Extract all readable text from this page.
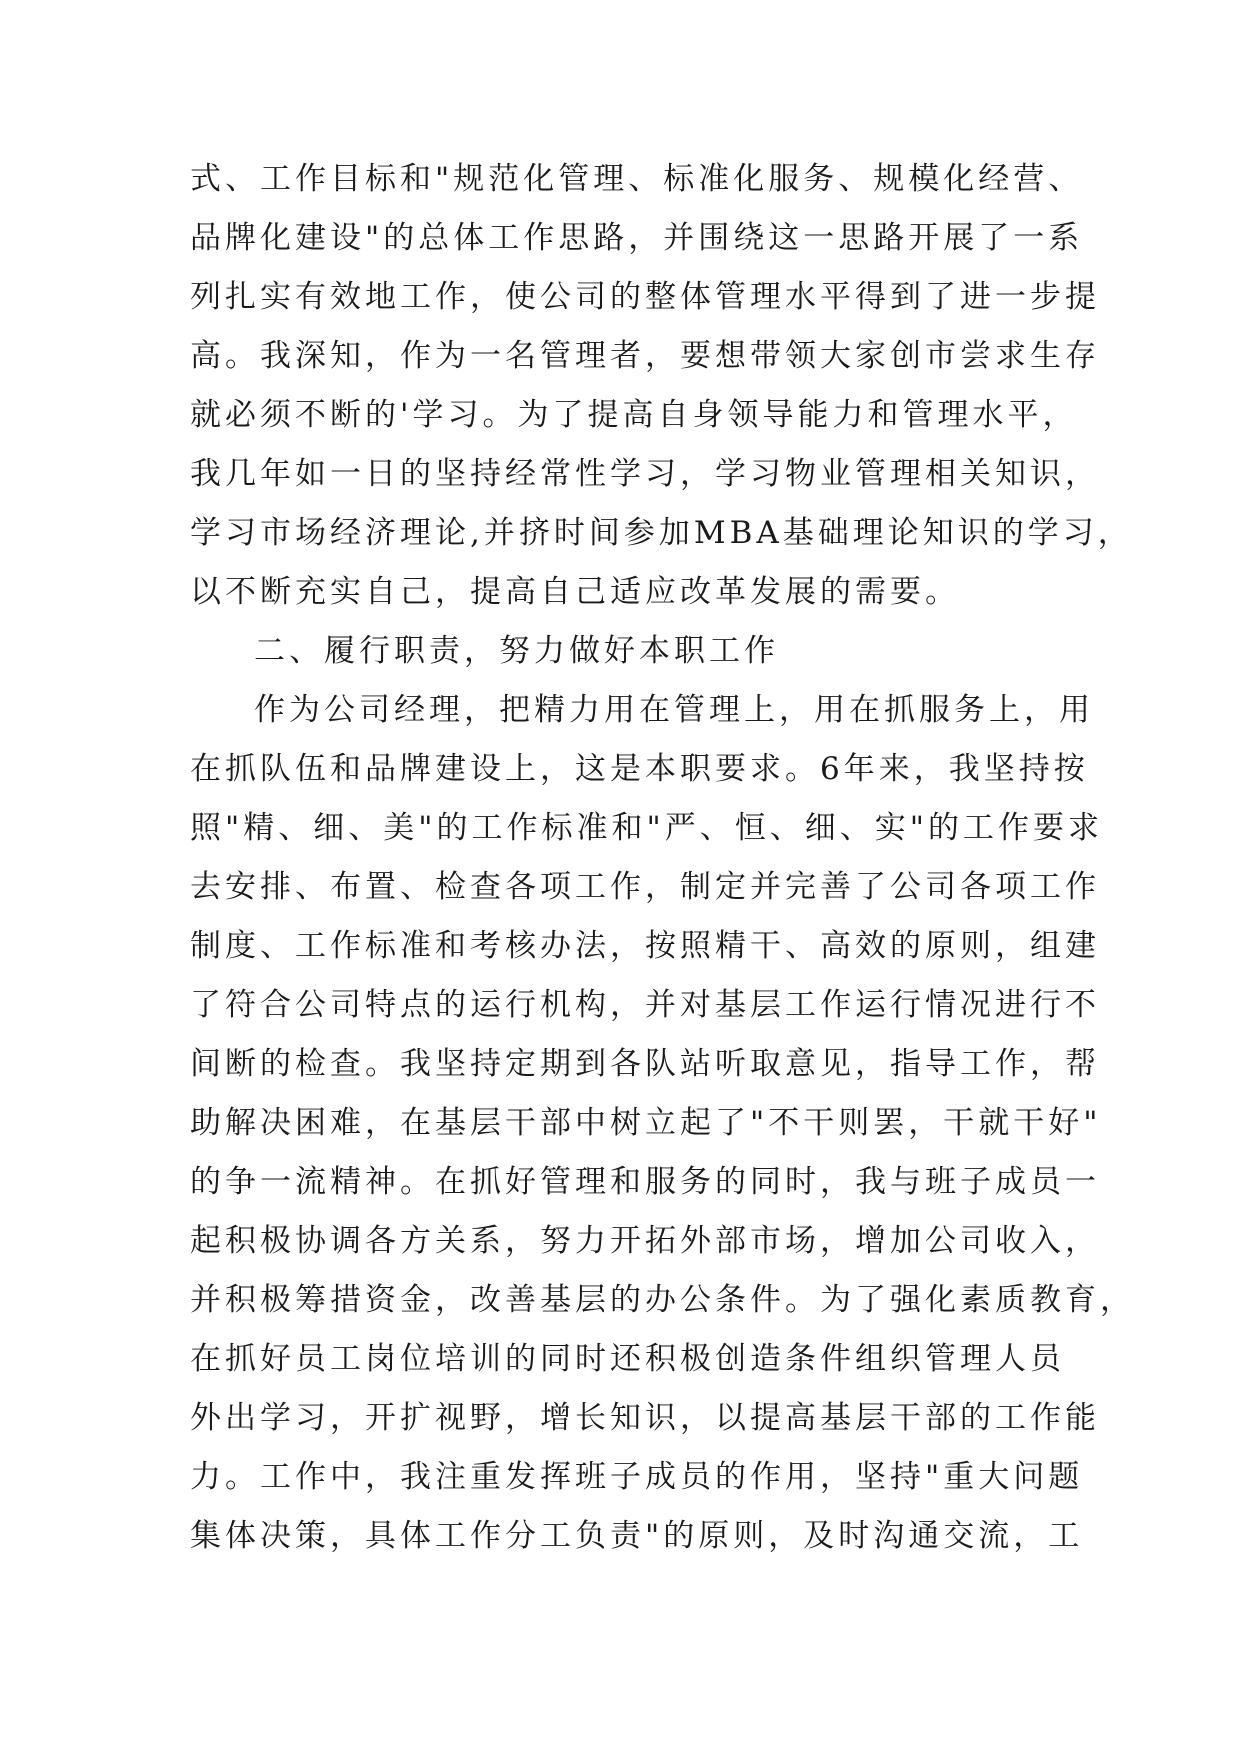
式、工作目标和"规范化管理、标准化服务、规模化经营、
品牌化建设"的总体工作思路，并围绕这一思路开展了一系
列扎实有效地工作，使公司的整体管理水平得到了进一步提
高。我深知，作为一名管理者，要想带领大家创市尝求生存
就必须不断的'学习。为了提高自身领导能力和管理水平，
我几年如一日的坚持经常性学习，学习物业管理相关知识，
学习市场经济理论,并挤时间参加MBA基础理论知识的学习，
以不断充实自己，提高自己适应改革发展的需要。
二、履行职责，努力做好本职工作
作为公司经理，把精力用在管理上，用在抓服务上，用
在抓队伍和品牌建设上，这是本职要求。6年来，我坚持按
照"精、细、美"的工作标准和"严、恒、细、实"的工作要求
去安排、布置、检查各项工作，制定并完善了公司各项工作
制度、工作标准和考核办法，按照精干、高效的原则，组建
了符合公司特点的运行机构，并对基层工作运行情况进行不
间断的检查。我坚持定期到各队站听取意见，指导工作，帮
助解决困难，在基层干部中树立起了"不干则罢，干就干好"
的争一流精神。在抓好管理和服务的同时，我与班子成员一
起积极协调各方关系，努力开拓外部市场，增加公司收入，
并积极筹措资金，改善基层的办公条件。为了强化素质教育，
在抓好员工岗位培训的同时还积极创造条件组织管理人员
外出学习，开扩视野，增长知识，以提高基层干部的工作能
力。工作中，我注重发挥班子成员的作用，坚持"重大问题
集体决策，具体工作分工负责"的原则，及时沟通交流，工
